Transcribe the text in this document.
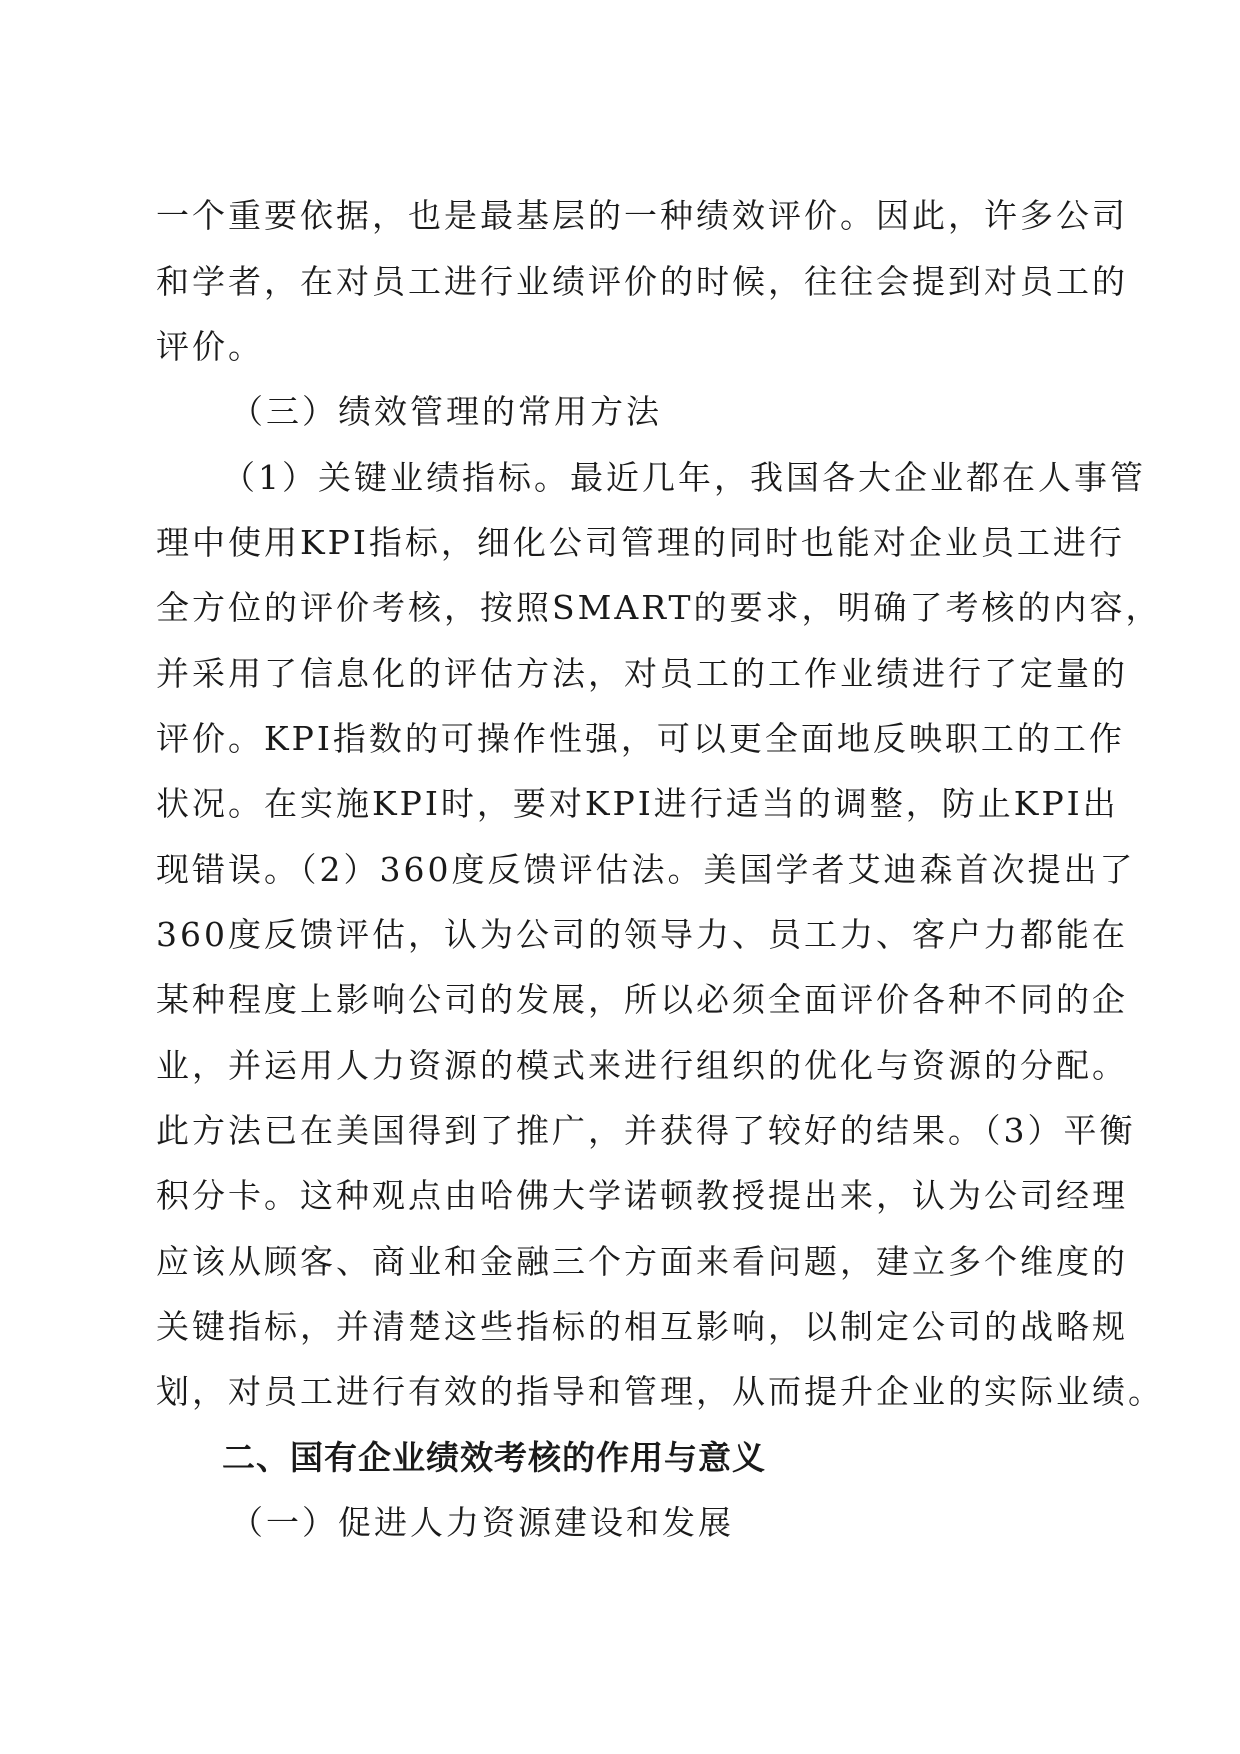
一个重要依据，也是最基层的一种绩效评价。因此，许多公司
和学者，在对员工进行业绩评价的时候，往往会提到对员工的
评价。
（三）绩效管理的常用方法
（1）关键业绩指标。最近几年，我国各大企业都在人事管
理中使用KPI指标，细化公司管理的同时也能对企业员工进行
全方位的评价考核，按照SMART的要求，明确了考核的内容，
并采用了信息化的评估方法，对员工的工作业绩进行了定量的
评价。KPI指数的可操作性强，可以更全面地反映职工的工作
状况。在实施KPI时，要对KPI进行适当的调整，防止KPI出
现错误。（2）360度反馈评估法。美国学者艾迪森首次提出了
360度反馈评估，认为公司的领导力、员工力、客户力都能在
某种程度上影响公司的发展，所以必须全面评价各种不同的企
业，并运用人力资源的模式来进行组织的优化与资源的分配。
此方法已在美国得到了推广，并获得了较好的结果。（3）平衡
积分卡。这种观点由哈佛大学诺顿教授提出来，认为公司经理
应该从顾客、商业和金融三个方面来看问题，建立多个维度的
关键指标，并清楚这些指标的相互影响，以制定公司的战略规
划，对员工进行有效的指导和管理，从而提升企业的实际业绩。
二、国有企业绩效考核的作用与意义
（一）促进人力资源建设和发展
